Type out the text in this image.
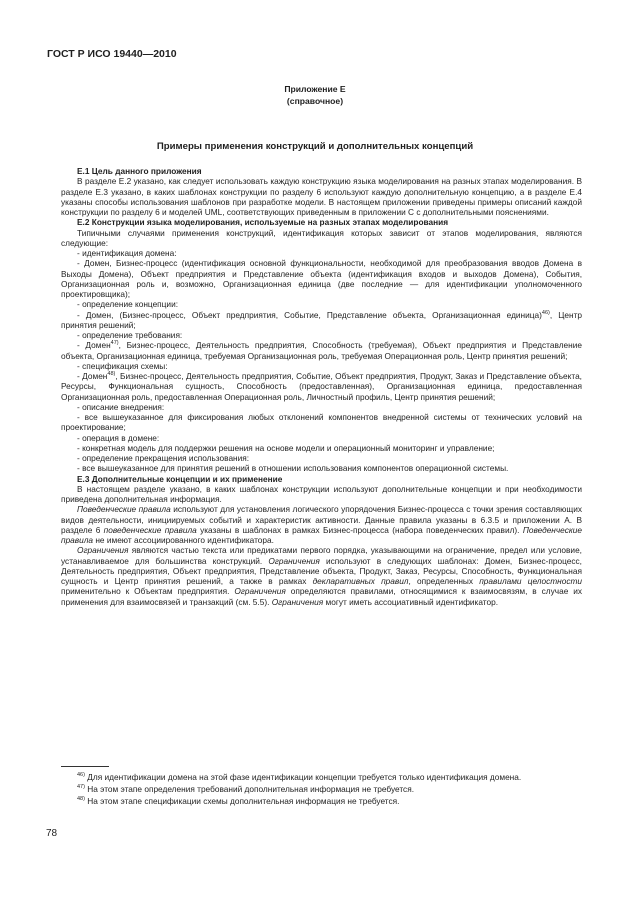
ГОСТ Р ИСО 19440—2010
Приложение Е
(справочное)
Примеры применения конструкций и дополнительных концепций

Е.1 Цель данного приложения

В разделе Е.2 указано, как следует использовать каждую конструкцию языка моделирования на разных этапах моделирования. В разделе Е.3 указано, в каких шаблонах конструкции по разделу 6 используют каждую дополнительную концепцию, а в разделе Е.4 указаны способы использования шаблонов при разработке модели. В настоящем приложении приведены примеры описаний каждой конструкции по разделу 6 и моделей UML, соответствующих приведенным в приложении С с дополнительными пояснениями.

Е.2 Конструкции языка моделирования, используемые на разных этапах моделирования

Типичными случаями применения конструкций, идентификация которых зависит от этапов моделирования, являются следующие:

- идентификация домена:

- Домен, Бизнес-процесс (идентификация основной функциональности, необходимой для преобразования вводов Домена в Выходы Домена), Объект предприятия и Представление объекта (идентификация входов и выходов Домена), События, Организационная роль и, возможно, Организационная единица (две последние — для идентификации уполномоченного проектировщика);

- определение концепции:

- Домен, (Бизнес-процесс, Объект предприятия, Событие, Представление объекта, Организационная единица)$^{46)}$, Центр принятия решений;

- определение требования:

- Домен$^{47)}$, Бизнес-процесс, Деятельность предприятия, Способность (требуемая), Объект предприятия и Представление объекта, Организационная единица, требуемая Организационная роль, требуемая Операционная роль, Центр принятия решений;

- спецификация схемы:

- Домен$^{48)}$, Бизнес-процесс, Деятельность предприятия, Событие, Объект предприятия, Продукт, Заказ и Представление объекта, Ресурсы, Функциональная сущность, Способность (предоставленная), Организационная единица, предоставленная Организационная роль, предоставленная Операционная роль, Личностный профиль, Центр принятия решений;

- описание внедрения:

- все вышеуказанное для фиксирования любых отклонений компонентов внедренной системы от технических условий на проектирование;

- операция в домене:

- конкретная модель для поддержки решения на основе модели и операционный мониторинг и управление;

- определение прекращения использования:

- все вышеуказанное для принятия решений в отношении использования компонентов операционной системы.

Е.3 Дополнительные концепции и их применение

В настоящем разделе указано, в каких шаблонах конструкции используют дополнительные концепции и при необходимости приведена дополнительная информация.

Поведенческие правила используют для установления логического упорядочения Бизнес-процесса с точки зрения составляющих видов деятельности, инициируемых событий и характеристик активности. Данные правила указаны в 6.3.5 и приложении А. В разделе 6 поведенческие правила указаны в шаблонах в рамках Бизнес-процесса (набора поведенческих правил). Поведенческие правила не имеют ассоциированного идентификатора.

Ограничения являются частью текста или предикатами первого порядка, указывающими на ограничение, предел или условие, устанавливаемое для большинства конструкций. Ограничения используют в следующих шаблонах: Домен, Бизнес-процесс, Деятельность предприятия, Объект предприятия, Представление объекта, Продукт, Заказ, Ресурсы, Способность, Функциональная сущность и Центр принятия решений, а также в рамках декларативных правил, определенных правилами целостности применительно к Объектам предприятия. Ограничения определяются правилами, относящимися к взаимосвязям, в случае их применения для взаимосвязей и транзакций (см. 5.5). Ограничения могут иметь ассоциативный идентификатор.

$^{46)}$ Для идентификации домена на этой фазе идентификации концепции требуется только идентификация домена.

$^{47)}$ На этом этапе определения требований дополнительная информация не требуется.

$^{48)}$ На этом этапе спецификации схемы дополнительная информация не требуется.

78
